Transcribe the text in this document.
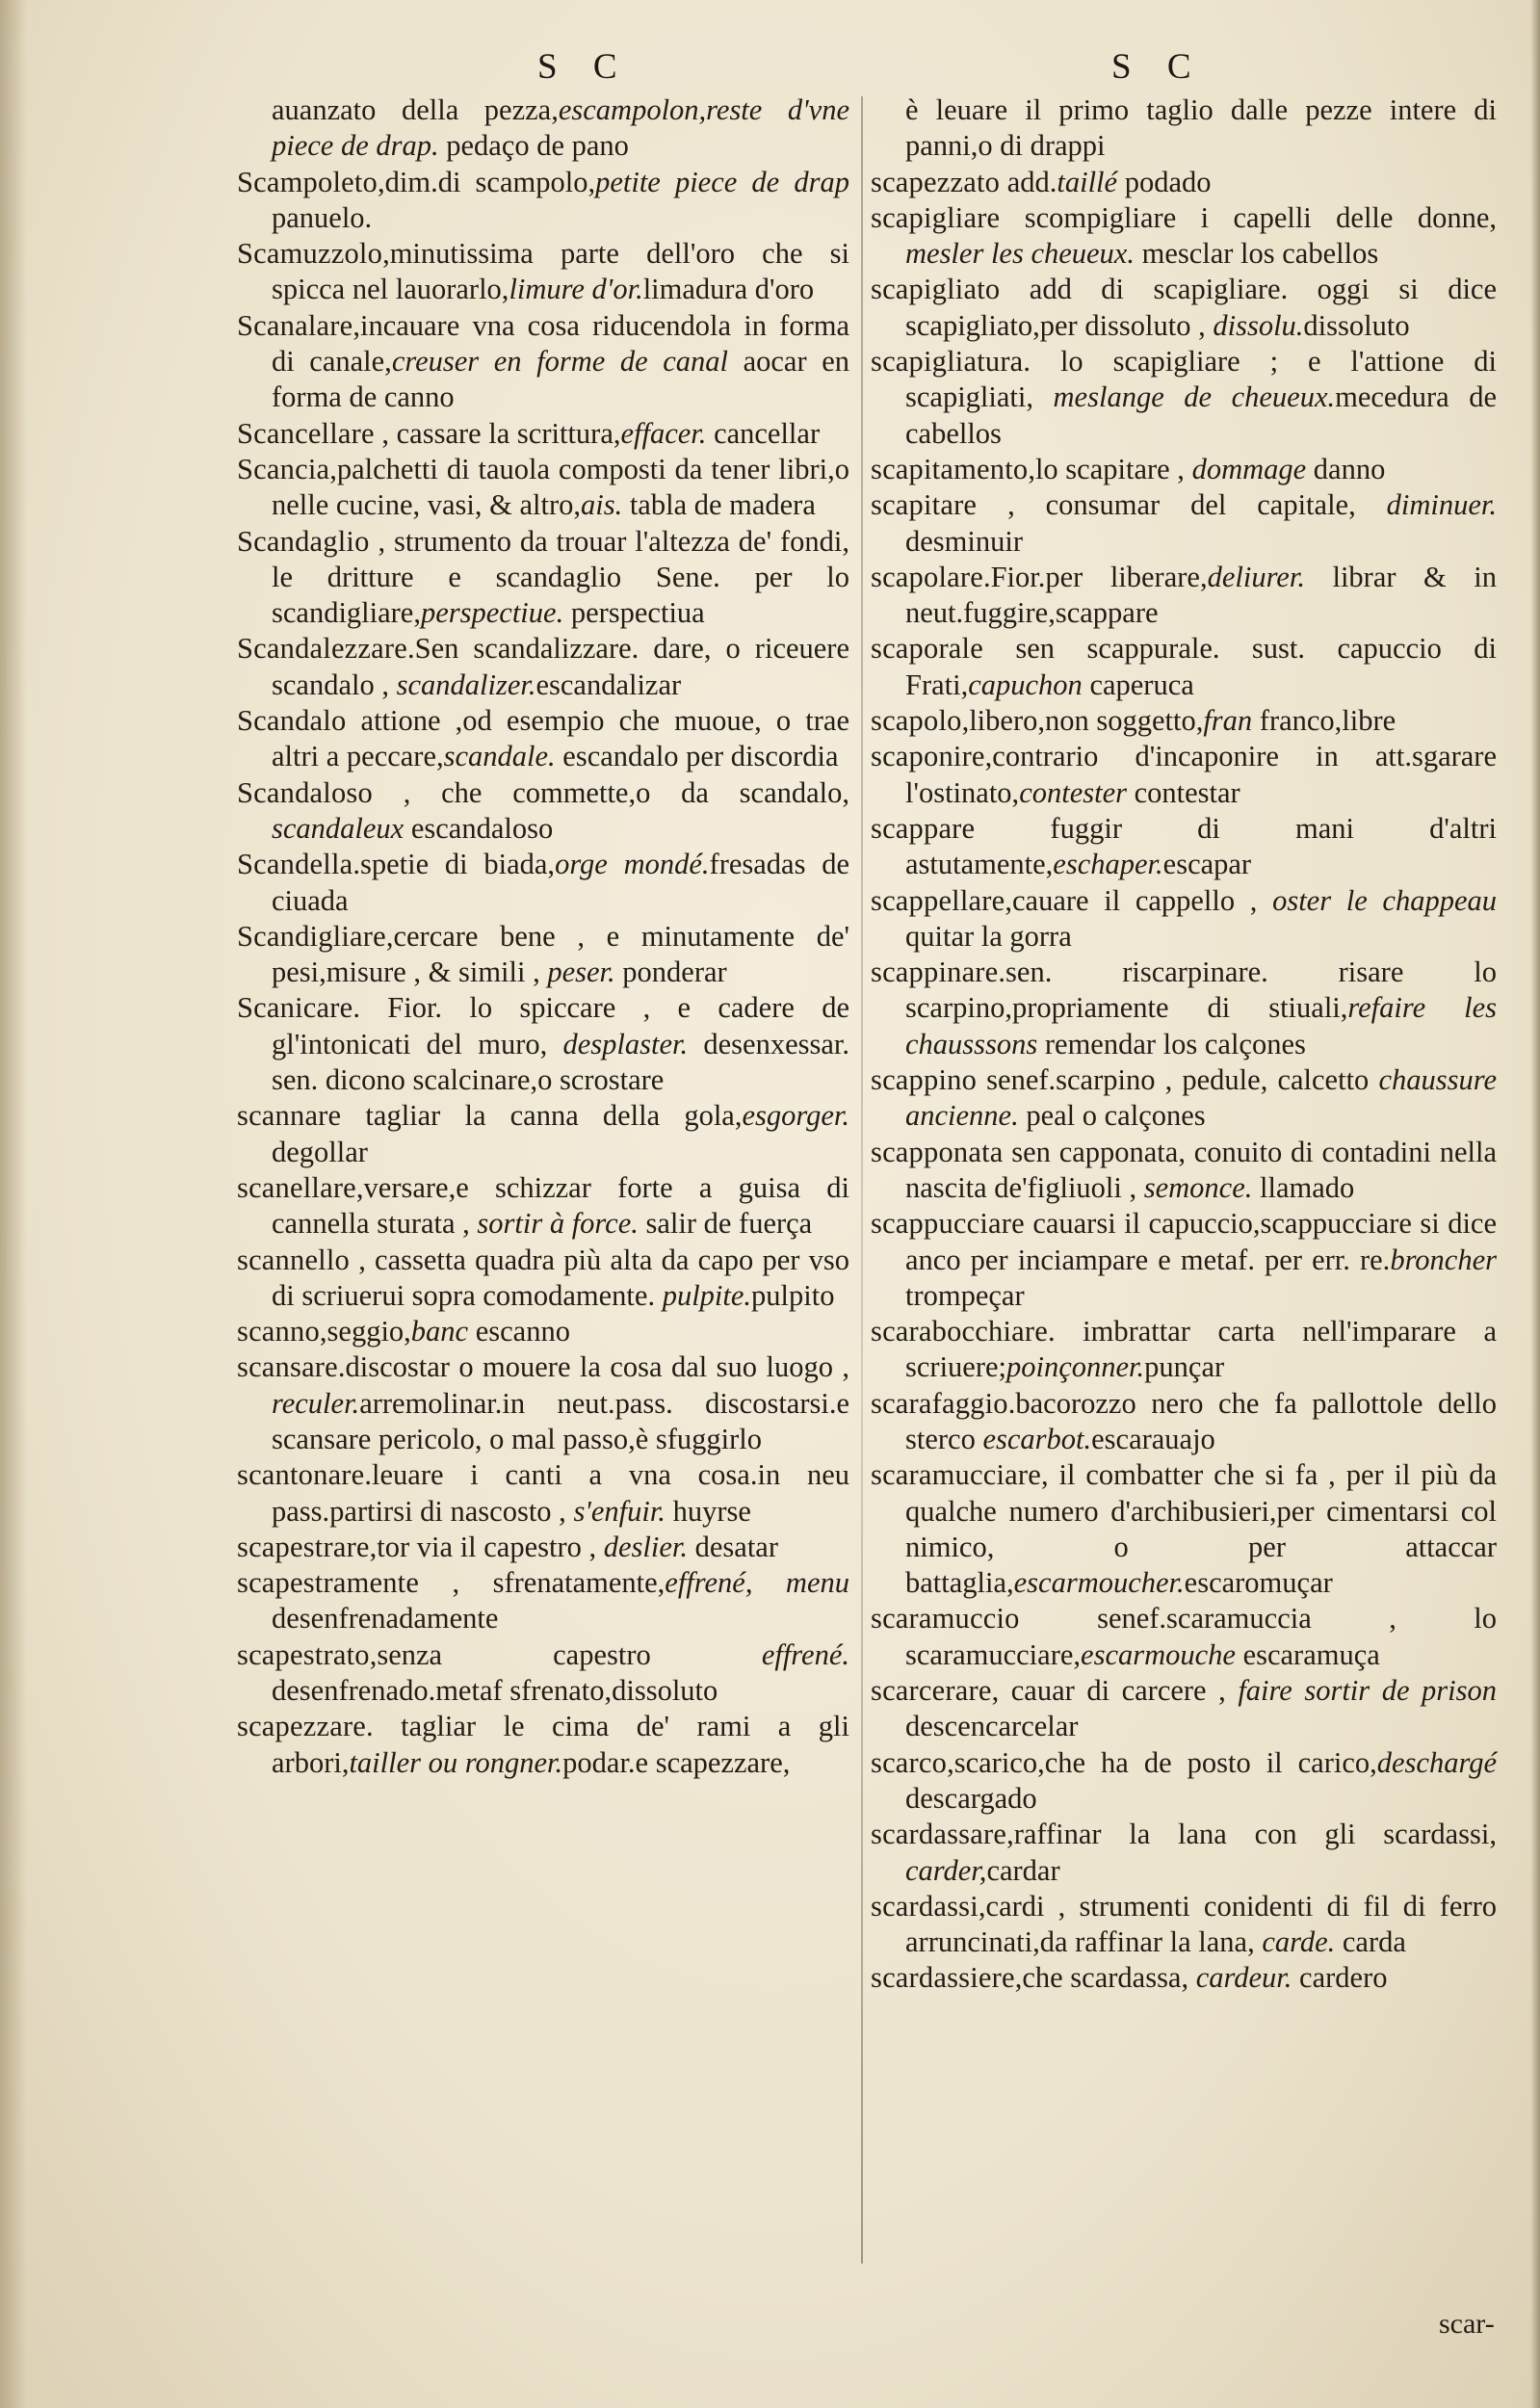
S C	S C

auanzato della pezza,escampolon,reste d'vne piece de drap. pedaço de pano

Scampoleto,dim.di scampolo,petite piece de drap panuelo.

Scamuzzolo,minutissima parte dell'oro che si spicca nel lauorarlo,limure d'or.limadura d'oro

Scanalare,incauare vna cosa riducendola in forma di canale,creuser en forme de canal aocar en forma de canno

Scancellare , cassare la scrittura,effacer. cancellar

Scancia,palchetti di tauola composti da tener libri,o nelle cucine, vasi, & altro,ais. tabla de madera

Scandaglio , strumento da trouar l'altezza de' fondi, le dritture e scandaglio Sene. per lo scandigliare,perspectiue. perspectiua

Scandalezzare.Sen scandalizzare. dare, o riceuere scandalo , scandalizer.escandalizar

Scandalo attione ,od esempio che muoue, o trae altri a peccare,scandale. escandalo per discordia

Scandaloso , che commette,o da scandalo, scandaleux escandaloso

Scandella.spetie di biada,orge mondé.fresadas de ciuada

Scandigliare,cercare bene , e minutamente de' pesi,misure , & simili , peser. ponderar

Scanicare. Fior. lo spiccare , e cadere de gl'intonicati del muro, desplaster. desenxessar. sen. dicono scalcinare,o scrostare

scannare tagliar la canna della gola,esgorger. degollar

scanellare,versare,e schizzar forte a guisa di cannella sturata , sortir à force. salir de fuerça

scannello , cassetta quadra più alta da capo per vso di scriuerui sopra comodamente. pulpite.pulpito

scanno,seggio,banc escanno

scansare.discostar o mouere la cosa dal suo luogo , reculer.arremolinar.in neut.pass. discostarsi.e scansare pericolo, o mal passo,è sfuggirlo

scantonare.leuare i canti a vna cosa.in neu pass.partirsi di nascosto , s'enfuir. huyrse

scapestrare,tor via il capestro , deslier. desatar

scapestramente , sfrenatamente,effrené, menu desenfrenadamente

scapestrato,senza capestro effrené. desenfrenado.metaf sfrenato,dissoluto

scapezzare. tagliar le cima de' rami a gli arbori,tailler ou rongner.podar.e scapezzare,

è leuare il primo taglio dalle pezze intere di panni,o di drappi

scapezzato add.taillé podado

scapigliare scompigliare i capelli delle donne, mesler les cheueux. mesclar los cabellos

scapigliato add di scapigliare. oggi si dice scapigliato,per dissoluto , dissolu.dissoluto

scapigliatura. lo scapigliare ; e l'attione di scapigliati, meslange de cheueux.mecedura de cabellos

scapitamento,lo scapitare , dommage danno

scapitare , consumar del capitale, diminuer. desminuir

scapolare.Fior.per liberare,deliurer. librar & in neut.fuggire,scappare

scaporale sen scappurale. sust. capuccio di Frati,capuchon caperuca

scapolo,libero,non soggetto,fran franco,libre

scaponire,contrario d'incaponire in att.sgarare l'ostinato,contester contestar

scappare fuggir di mani d'altri astutamente,eschaper.escapar

scappellare,cauare il cappello , oster le chappeau quitar la gorra

scappinare.sen. riscarpinare. risare lo scarpino,propriamente di stiuali,refaire les chausssons remendar los calçones

scappino senef.scarpino , pedule, calcetto chaussure ancienne. peal o calçones

scapponata sen capponata, conuito di contadini nella nascita de'figliuoli , semonce. llamado

scappucciare cauarsi il capuccio,scappucciare si dice anco per inciampare e metaf. per err. re.broncher trompeçar

scarabocchiare. imbrattar carta nell'imparare a scriuere;poinçonner.punçar

scarafaggio.bacorozzo nero che fa pallottole dello sterco escarbot.escarauajo

scaramucciare, il combatter che si fa , per il più da qualche numero d'archibusieri,per cimentarsi col nimico, o per attaccar battaglia,escarmoucher.escaromuçar

scaramuccio senef.scaramuccia , lo scaramucciare,escarmouche escaramuça

scarcerare, cauar di carcere , faire sortir de prison descencarcelar

scarco,scarico,che ha de posto il carico,deschargé descargado

scardassare,raffinar la lana con gli scardassi, carder,cardar

scardassi,cardi , strumenti conidenti di fil di ferro arruncinati,da raffinar la lana, carde. carda

scardassiere,che scardassa, cardeur. cardero

scar-
